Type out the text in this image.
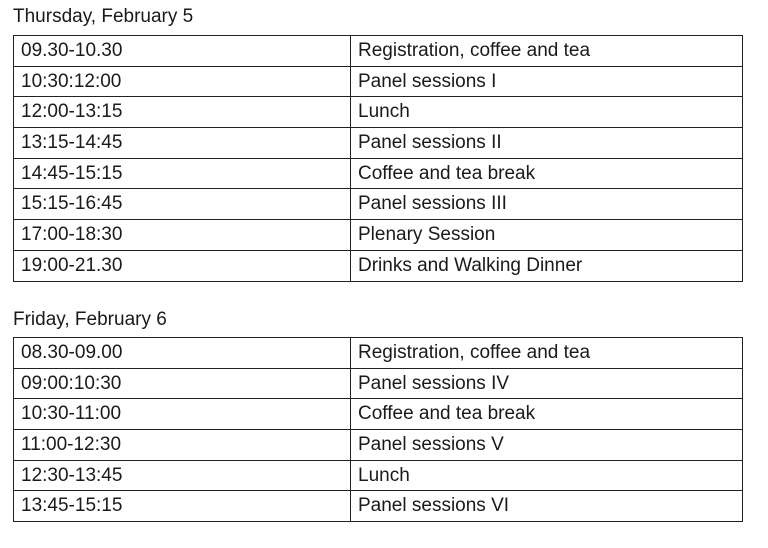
Thursday, February 5
09.30-10.30	Registration, coffee and tea
10:30:12:00	Panel sessions I
12:00-13:15	Lunch
13:15-14:45	Panel sessions II
14:45-15:15	Coffee and tea break
15:15-16:45	Panel sessions III
17:00-18:30	Plenary Session
19:00-21.30	Drinks and Walking Dinner
Friday, February 6
08.30-09.00	Registration, coffee and tea
09:00:10:30	Panel sessions IV
10:30-11:00	Coffee and tea break
11:00-12:30	Panel sessions V
12:30-13:45	Lunch
13:45-15:15	Panel sessions VI
